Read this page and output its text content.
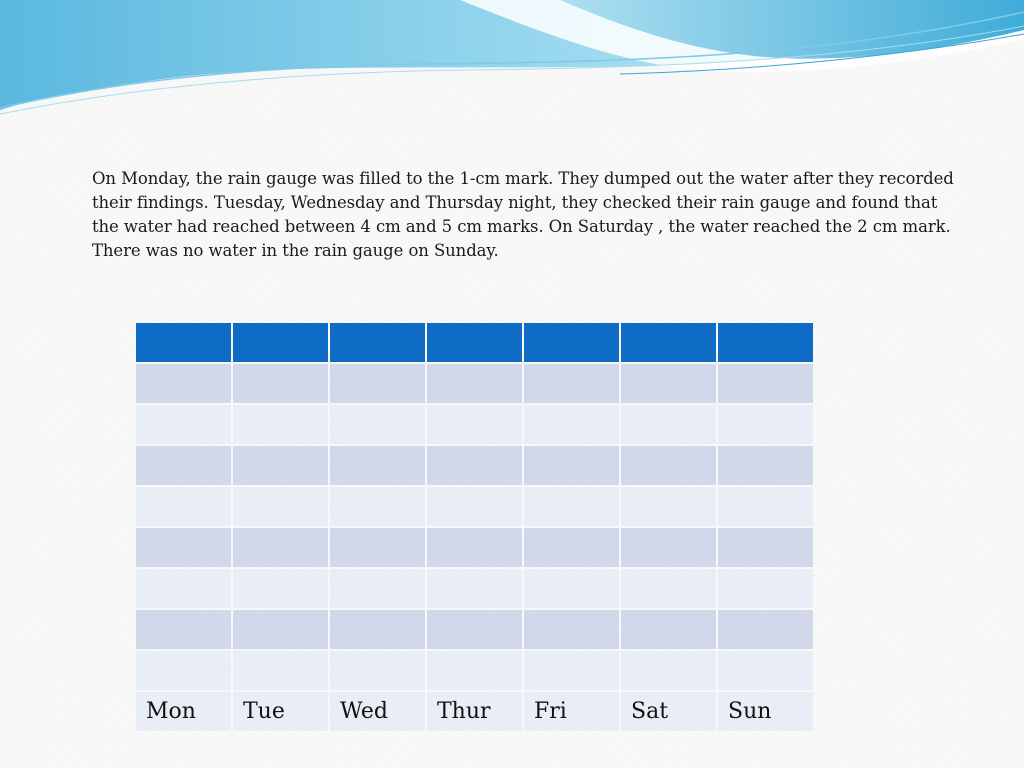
On Monday, the rain gauge was filled to the 1-cm mark. They dumped out the water after they recorded their findings. Tuesday, Wednesday and Thursday night, they checked their rain gauge and found that the water had reached between 4 cm and 5 cm marks. On Saturday , the water reached the 2 cm mark. There was no water in the rain gauge on Sunday.

Mon	Tue	Wed	Thur	Fri	Sat	Sun
